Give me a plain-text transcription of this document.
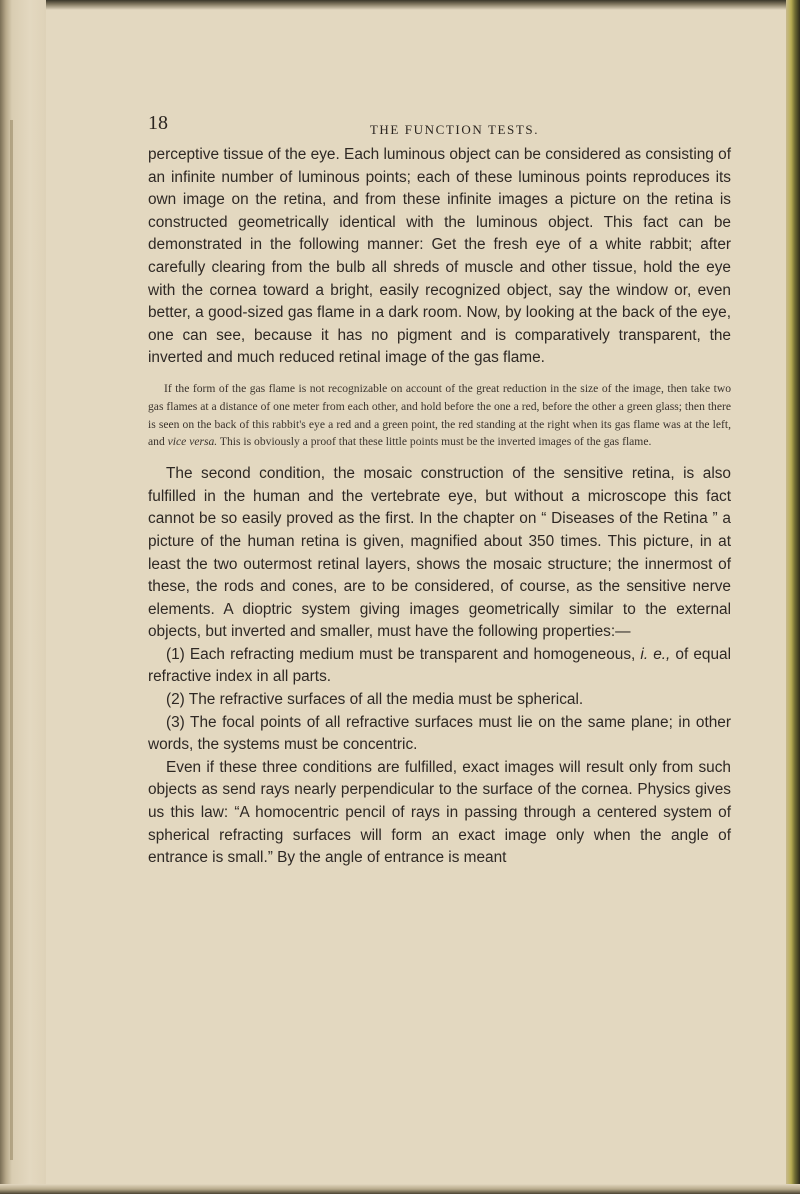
18	THE FUNCTION TESTS.

perceptive tissue of the eye. Each luminous object can be considered as consisting of an infinite number of luminous points; each of these luminous points reproduces its own image on the retina, and from these infinite images a picture on the retina is constructed geometrically identical with the luminous object. This fact can be demonstrated in the following manner: Get the fresh eye of a white rabbit; after carefully clearing from the bulb all shreds of muscle and other tissue, hold the eye with the cornea toward a bright, easily recognized object, say the window or, even better, a good-sized gas flame in a dark room. Now, by looking at the back of the eye, one can see, because it has no pigment and is comparatively transparent, the inverted and much reduced retinal image of the gas flame.

If the form of the gas flame is not recognizable on account of the great reduction in the size of the image, then take two gas flames at a distance of one meter from each other, and hold before the one a red, before the other a green glass; then there is seen on the back of this rabbit's eye a red and a green point, the red standing at the right when its gas flame was at the left, and vice versa. This is obviously a proof that these little points must be the inverted images of the gas flame.

The second condition, the mosaic construction of the sensitive retina, is also fulfilled in the human and the vertebrate eye, but without a microscope this fact cannot be so easily proved as the first. In the chapter on “ Diseases of the Retina ” a picture of the human retina is given, magnified about 350 times. This picture, in at least the two outermost retinal layers, shows the mosaic structure; the innermost of these, the rods and cones, are to be considered, of course, as the sensitive nerve elements. A dioptric system giving images geometrically similar to the external objects, but inverted and smaller, must have the following properties:—

(1) Each refracting medium must be transparent and homogeneous, i. e., of equal refractive index in all parts.

(2) The refractive surfaces of all the media must be spherical.

(3) The focal points of all refractive surfaces must lie on the same plane; in other words, the systems must be concentric.

Even if these three conditions are fulfilled, exact images will result only from such objects as send rays nearly perpendicular to the surface of the cornea. Physics gives us this law: “A homocentric pencil of rays in passing through a centered system of spherical refracting surfaces will form an exact image only when the angle of entrance is small.” By the angle of entrance is meant
